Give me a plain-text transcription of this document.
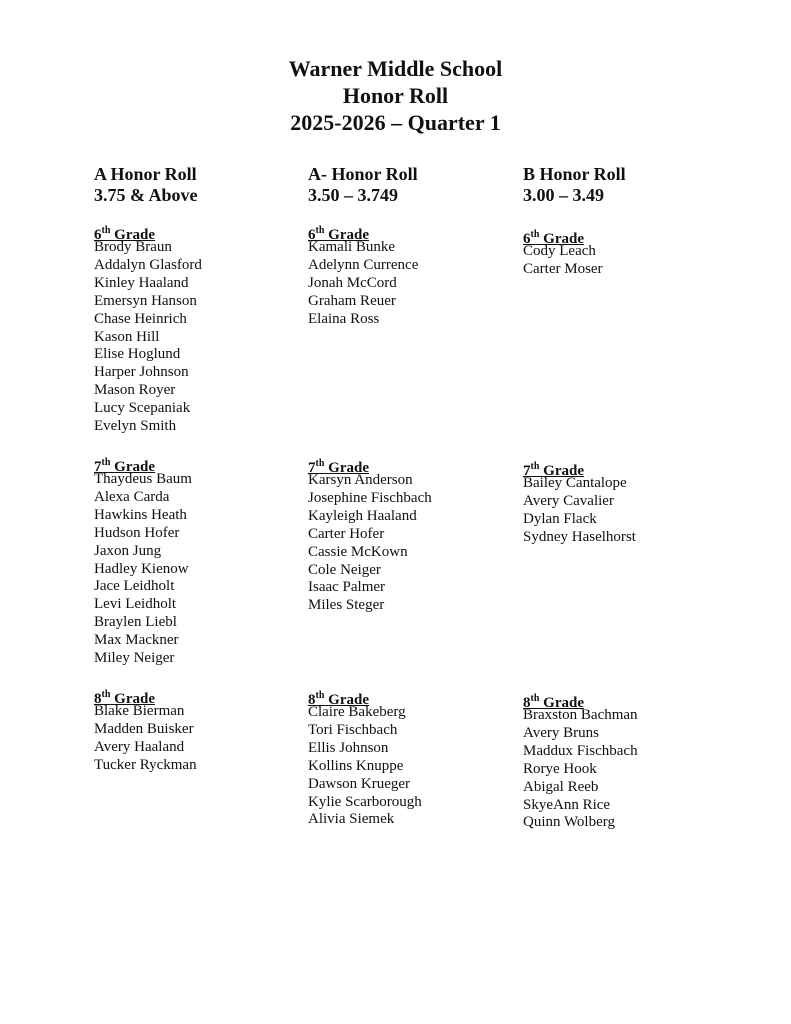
Warner Middle School
Honor Roll
2025-2026 – Quarter 1
A Honor Roll
3.75 & Above
6th Grade
Brody Braun
Addalyn Glasford
Kinley Haaland
Emersyn Hanson
Chase Heinrich
Kason Hill
Elise Hoglund
Harper Johnson
Mason Royer
Lucy Scepaniak
Evelyn Smith
7th Grade
Thaydeus Baum
Alexa Carda
Hawkins Heath
Hudson Hofer
Jaxon Jung
Hadley Kienow
Jace Leidholt
Levi Leidholt
Braylen Liebl
Max Mackner
Miley Neiger
8th Grade
Blake Bierman
Madden Buisker
Avery Haaland
Tucker Ryckman
A- Honor Roll
3.50 – 3.749
6th Grade
Kamali Bunke
Adelynn Currence
Jonah McCord
Graham Reuer
Elaina Ross
7th Grade
Karsyn Anderson
Josephine Fischbach
Kayleigh Haaland
Carter Hofer
Cassie McKown
Cole Neiger
Isaac Palmer
Miles Steger
8th Grade
Claire Bakeberg
Tori Fischbach
Ellis Johnson
Kollins Knuppe
Dawson Krueger
Kylie Scarborough
Alivia Siemek
B Honor Roll
3.00 – 3.49
6th Grade
Cody Leach
Carter Moser
7th Grade
Bailey Cantalope
Avery Cavalier
Dylan Flack
Sydney Haselhorst
8th Grade
Braxston Bachman
Avery Bruns
Maddux Fischbach
Rorye Hook
Abigal Reeb
SkyeAnn Rice
Quinn Wolberg
